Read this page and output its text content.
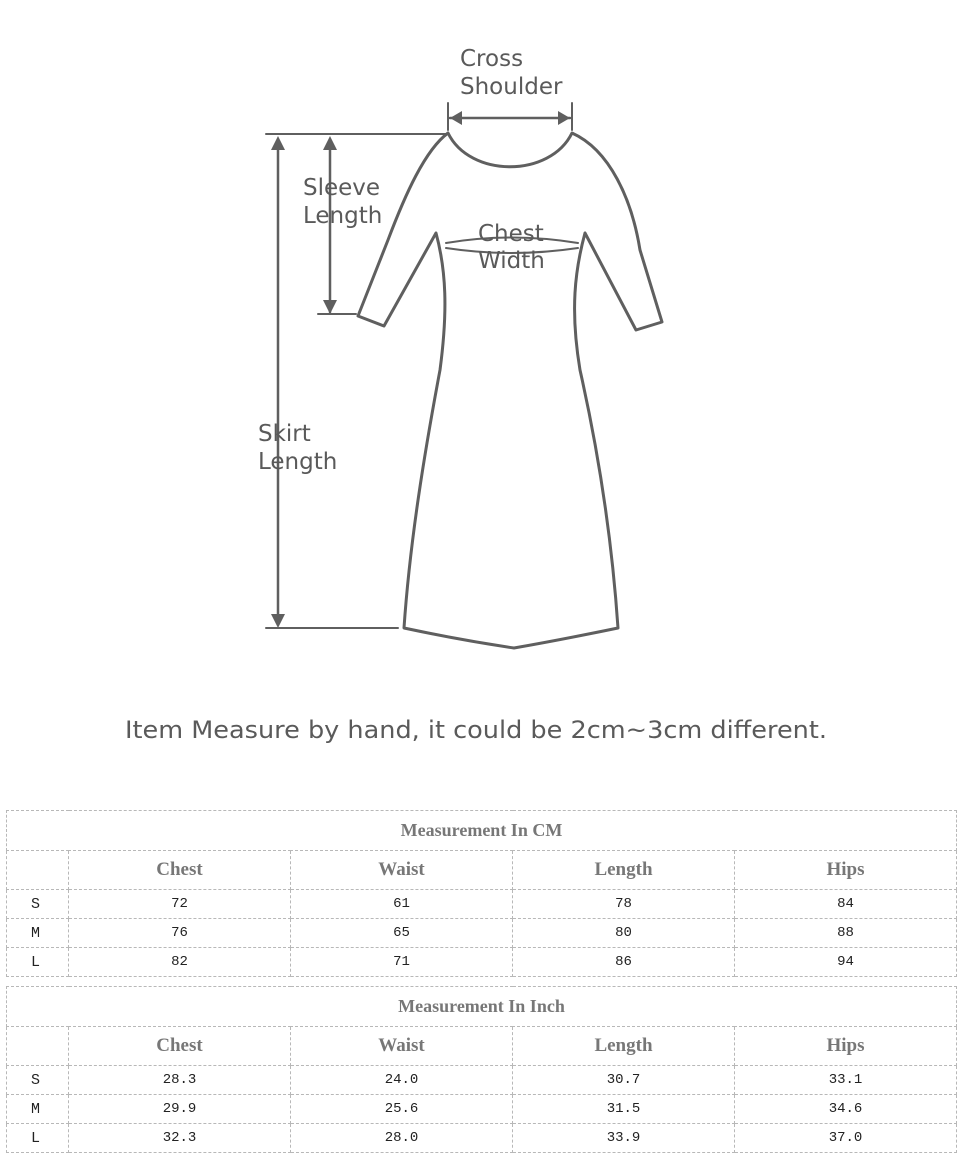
Cross
Shoulder
Sleeve
Length
Chest
Width
Skirt
Length
Item Measure by hand, it could be 2cm~3cm different.
Measurement In CM				
	Chest	Waist	Length	Hips
S	72	61	78	84
M	76	65	80	88
L	82	71	86	94
Measurement In Inch				
	Chest	Waist	Length	Hips
S	28.3	24.0	30.7	33.1
M	29.9	25.6	31.5	34.6
L	32.3	28.0	33.9	37.0
